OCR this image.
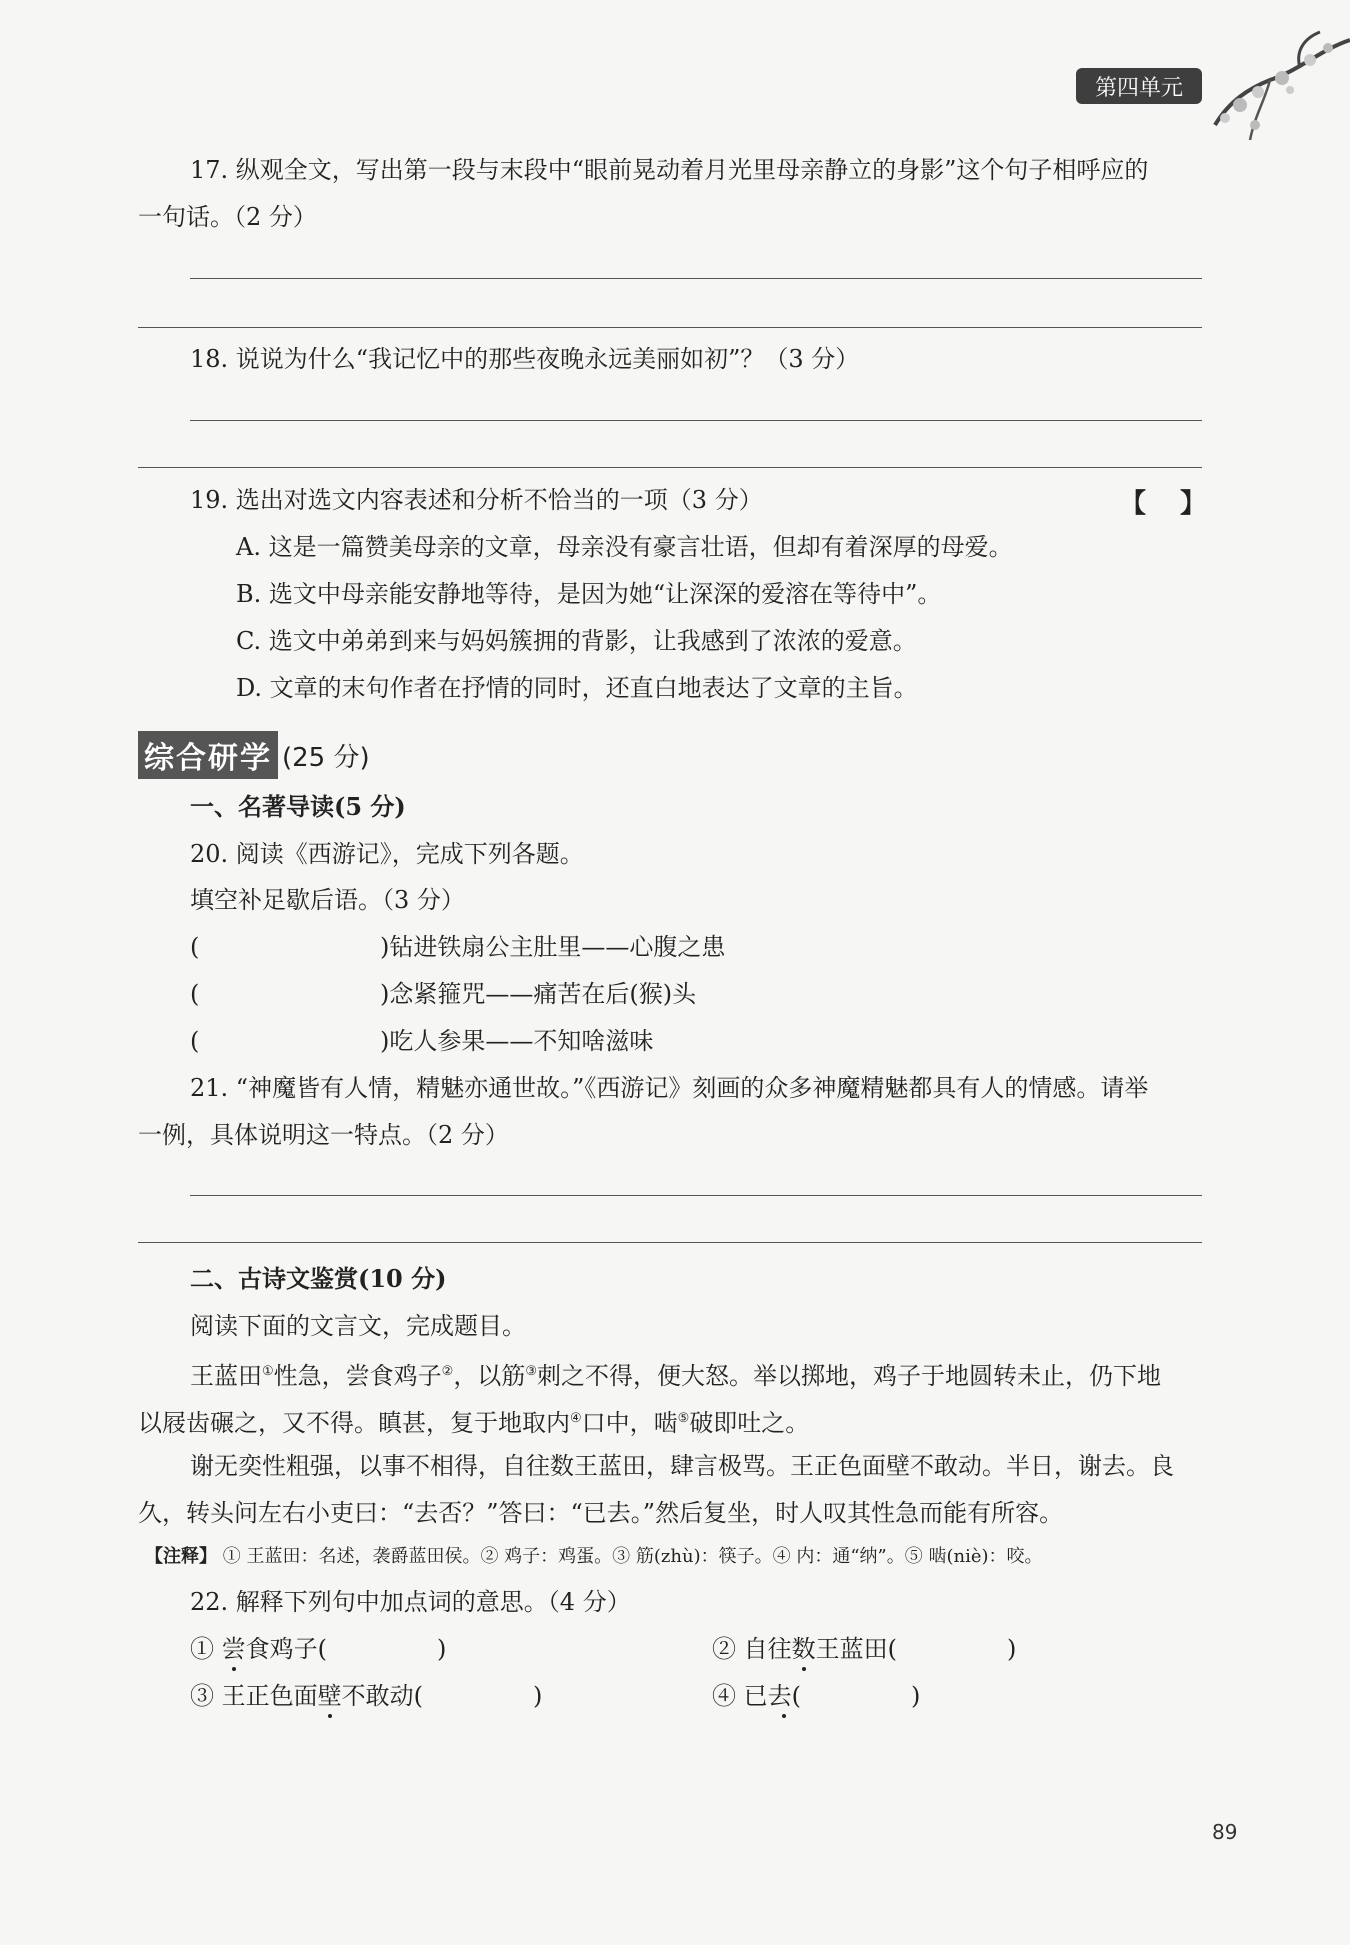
第四单元
17. 纵观全文，写出第一段与末段中“眼前晃动着月光里母亲静立的身影”这个句子相呼应的
一句话。（2 分）
18. 说说为什么“我记忆中的那些夜晚永远美丽如初”？（3 分）
19. 选出对选文内容表述和分析不恰当的一项（3 分）	【 】
A. 这是一篇赞美母亲的文章，母亲没有豪言壮语，但却有着深厚的母爱。
B. 选文中母亲能安静地等待，是因为她“让深深的爱溶在等待中”。
C. 选文中弟弟到来与妈妈簇拥的背影，让我感到了浓浓的爱意。
D. 文章的末句作者在抒情的同时，还直白地表达了文章的主旨。
综合研学 (25 分)
一、名著导读(5 分)
20. 阅读《西游记》，完成下列各题。
填空补足歇后语。（3 分）
(	)钻进铁扇公主肚里——心腹之患
(	)念紧箍咒——痛苦在后(猴)头
(	)吃人参果——不知啥滋味
21. “神魔皆有人情，精魅亦通世故。”《西游记》刻画的众多神魔精魅都具有人的情感。请举
一例，具体说明这一特点。（2 分）
二、古诗文鉴赏(10 分)
阅读下面的文言文，完成题目。
王蓝田①性急，尝食鸡子②，以筋③刺之不得，便大怒。举以掷地，鸡子于地圆转未止，仍下地
以屐齿碾之，又不得。瞋甚，复于地取内④口中，啮⑤破即吐之。
谢无奕性粗强，以事不相得，自往数王蓝田，肆言极骂。王正色面壁不敢动。半日，谢去。良
久，转头问左右小吏曰：“去否？”答曰：“已去。”然后复坐，时人叹其性急而能有所容。
【注释】 ① 王蓝田：名述，袭爵蓝田侯。② 鸡子：鸡蛋。③ 筋(zhù)：筷子。④ 内：通“纳”。⑤ 啮(niè)：咬。
22. 解释下列句中加点词的意思。（4 分）
① 尝食鸡子(	)	② 自往数王蓝田(	)
③ 王正色面壁不敢动(	)	④ 已去(	)
89
